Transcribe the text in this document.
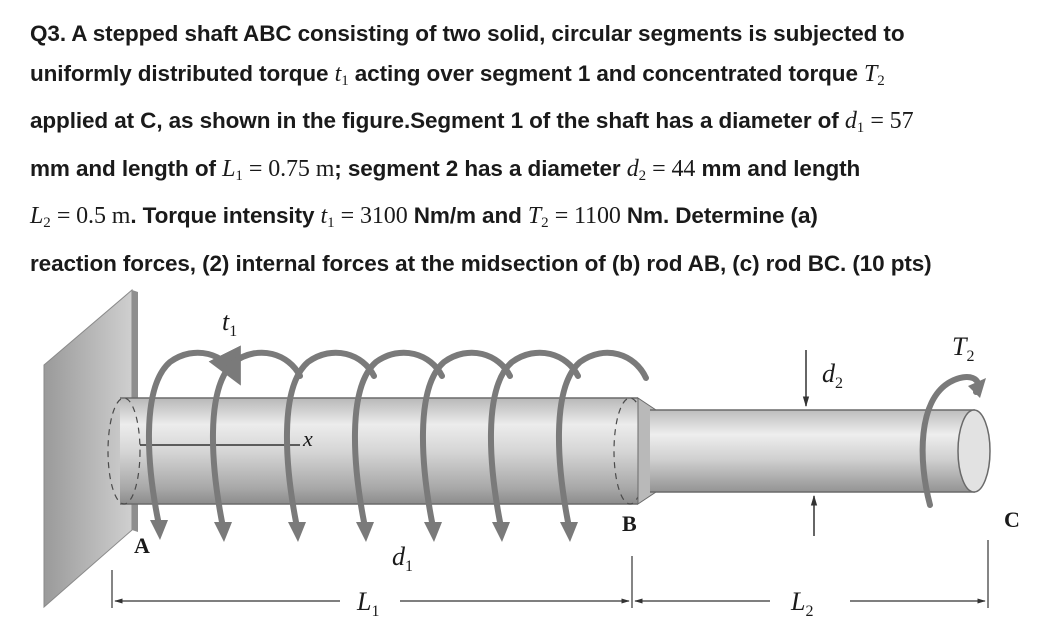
Q3. A stepped shaft ABC consisting of two solid, circular segments is subjected to
uniformly distributed torque $t_1$ acting over segment 1 and concentrated torque $T_2$
applied at C, as shown in the figure.Segment 1 of the shaft has a diameter of $d_1 = 57$
mm and length of $L_1 = 0.75$ m; segment 2 has a diameter $d_2 = 44$ mm and length
$L_2 = 0.5$ m. Torque intensity $t_1 = 3100$ Nm/m and $T_2 = 1100$ Nm. Determine (a)
reaction forces, (2) internal forces at the midsection of (b) rod AB, (c) rod BC. (10 pts)
$t_1$
$T_2$
$d_2$
$d_1$
x
A
B	C
$L_1$	$L_2$
